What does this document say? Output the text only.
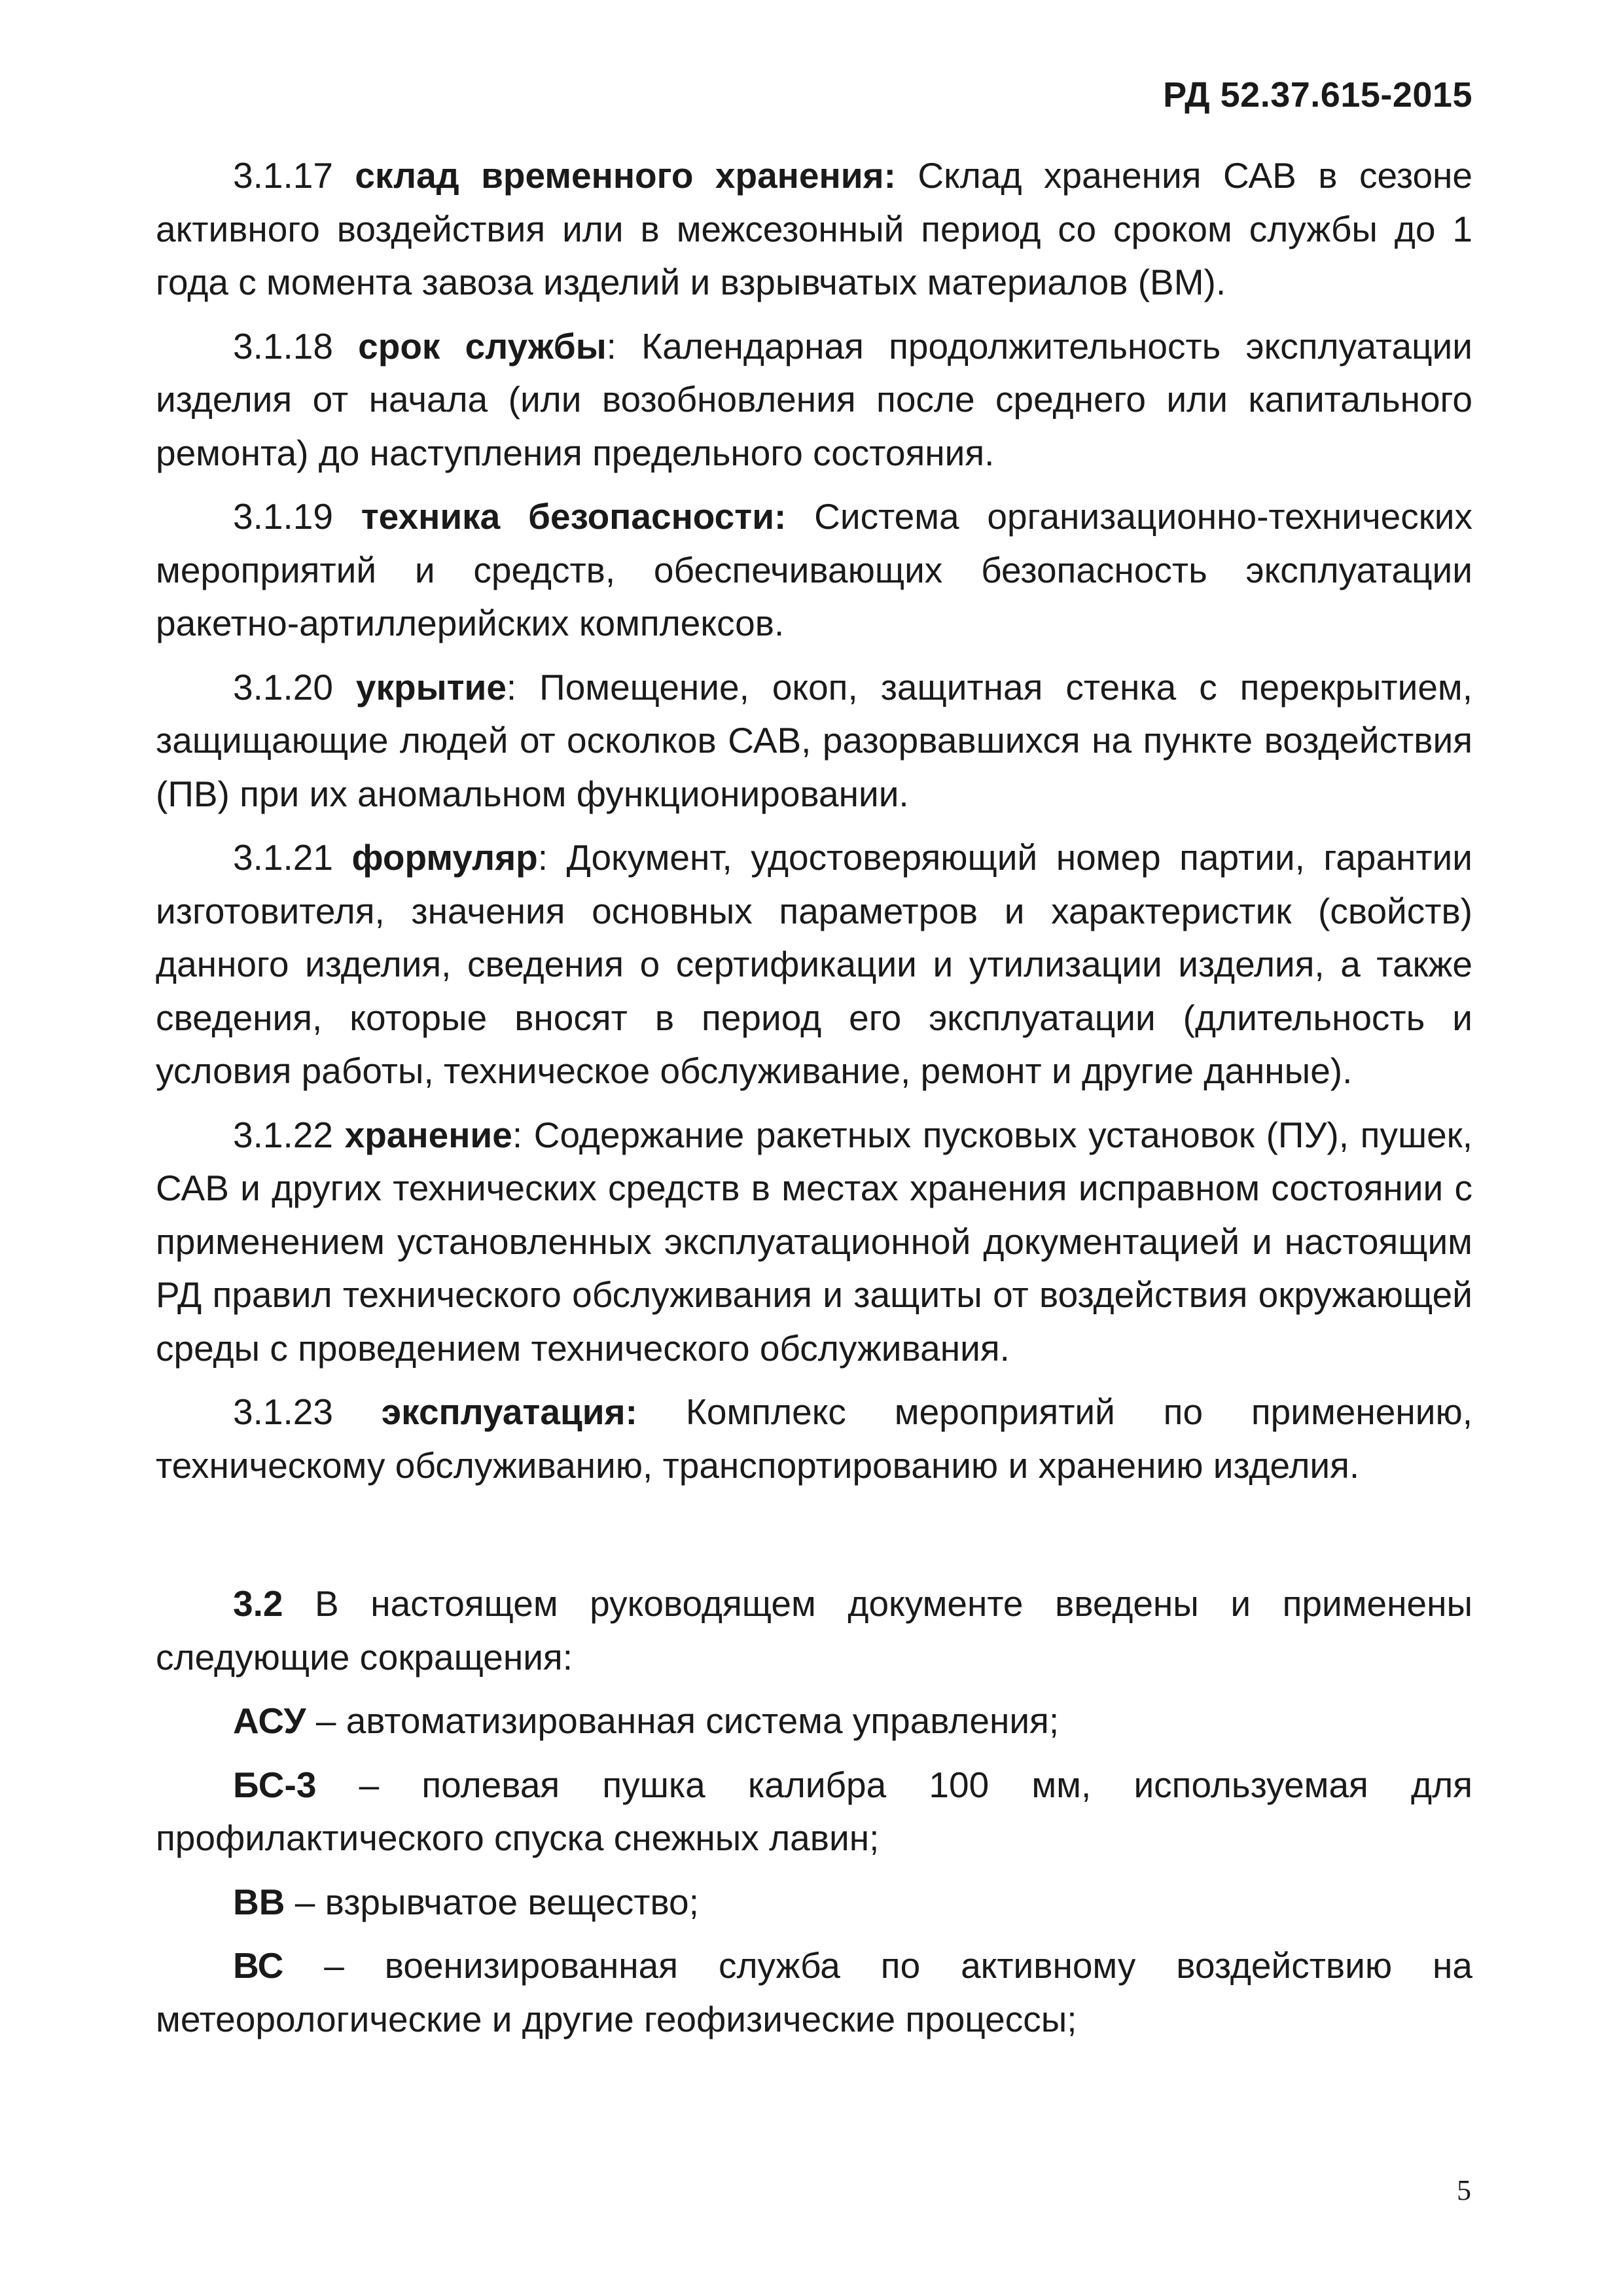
РД 52.37.615-2015

3.1.17 склад временного хранения: Склад хранения САВ в сезоне активного воздействия или в межсезонный период со сроком службы до 1 года с момента завоза изделий и взрывчатых материалов (ВМ).

3.1.18 срок службы: Календарная продолжительность эксплуатации изделия от начала (или возобновления после среднего или капитального ремонта) до наступления предельного состояния.

3.1.19 техника безопасности: Система организационно-технических мероприятий и средств, обеспечивающих безопасность эксплуатации ракетно-артиллерийских комплексов.

3.1.20 укрытие: Помещение, окоп, защитная стенка с перекрытием, защищающие людей от осколков САВ, разорвавшихся на пункте воздействия (ПВ) при их аномальном функционировании.

3.1.21 формуляр: Документ, удостоверяющий номер партии, гарантии изготовителя, значения основных параметров и характеристик (свойств) данного изделия, сведения о сертификации и утилизации изделия, а также сведения, которые вносят в период его эксплуатации (длительность и условия работы, техническое обслуживание, ремонт и другие данные).

3.1.22 хранение: Содержание ракетных пусковых установок (ПУ), пушек, САВ и других технических средств в местах хранения исправном состоянии с применением установленных эксплуатационной документацией и настоящим РД правил технического обслуживания и защиты от воздействия окружающей среды с проведением технического обслуживания.

3.1.23 эксплуатация: Комплекс мероприятий по применению, техническому обслуживанию, транспортированию и хранению изделия.

3.2 В настоящем руководящем документе введены и применены следующие сокращения:

АСУ – автоматизированная система управления;

БС-3 – полевая пушка калибра 100 мм, используемая для профилактического спуска снежных лавин;

ВВ – взрывчатое вещество;

ВС – военизированная служба по активному воздействию на метеорологические и другие геофизические процессы;

5
